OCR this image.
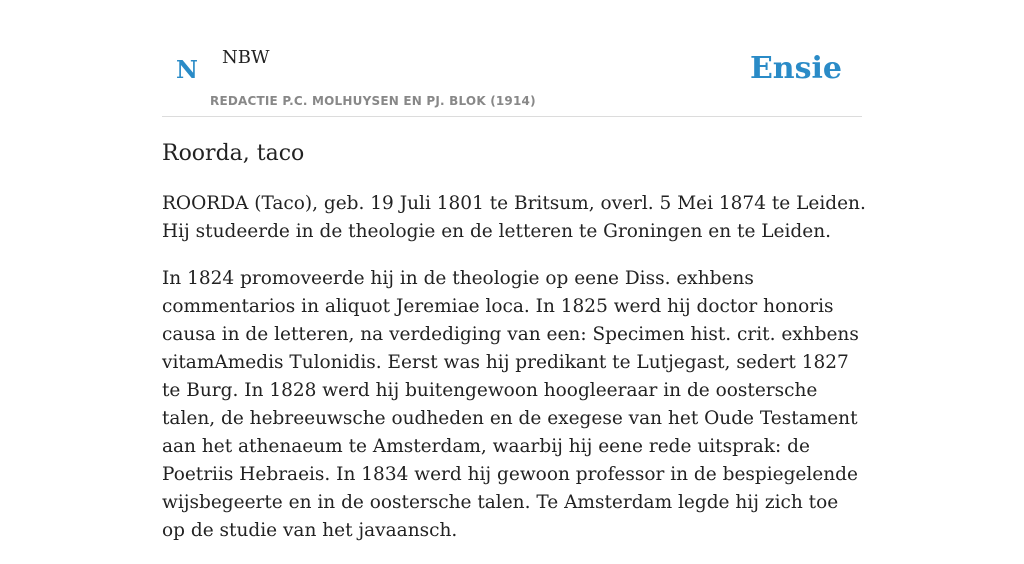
N NBW
REDACTIE P.C. MOLHUYSEN EN PJ. BLOK (1914)
Ensie
Roorda, taco

ROORDA (Taco), geb. 19 Juli 1801 te Britsum, overl. 5 Mei 1874 te Leiden. Hij studeerde in de theologie en de letteren te Groningen en te Leiden.

In 1824 promoveerde hij in de theologie op eene Diss. exhbens commentarios in aliquot Jeremiae loca. In 1825 werd hij doctor honoris causa in de letteren, na verdediging van een: Specimen hist. crit. exhbens vitamAmedis Tulonidis. Eerst was hij predikant te Lutjegast, sedert 1827 te Burg. In 1828 werd hij buitengewoon hoogleeraar in de oostersche talen, de hebreeuwsche oudheden en de exegese van het Oude Testament aan het athenaeum te Amsterdam, waarbij hij eene rede uitsprak: de Poetriis Hebraeis. In 1834 werd hij gewoon professor in de bespiegelende wijsbegeerte en in de oostersche talen. Te Amsterdam legde hij zich toe op de studie van het javaansch.
